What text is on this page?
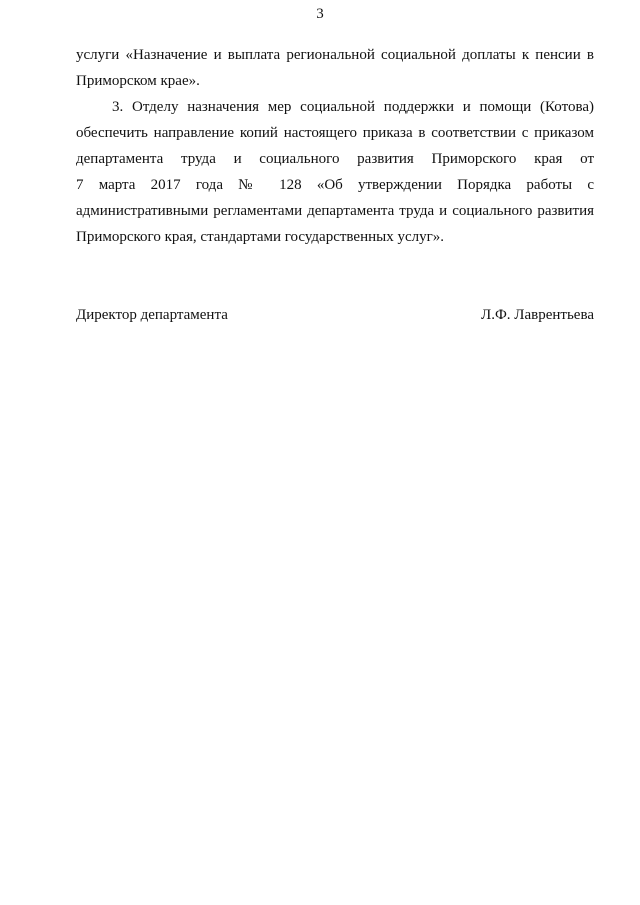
3
услуги «Назначение и выплата региональной социальной доплаты к пенсии в
Приморском крае».
3. Отделу назначения мер социальной поддержки и помощи (Котова)
обеспечить направление копий настоящего приказа в соответствии с приказом
департамента труда и социального развития Приморского края от
7 марта 2017 года № 128 «Об утверждении Порядка работы с
административными регламентами департамента труда и социального развития
Приморского края, стандартами государственных услуг».
Директор департамента	Л.Ф. Лаврентьева
